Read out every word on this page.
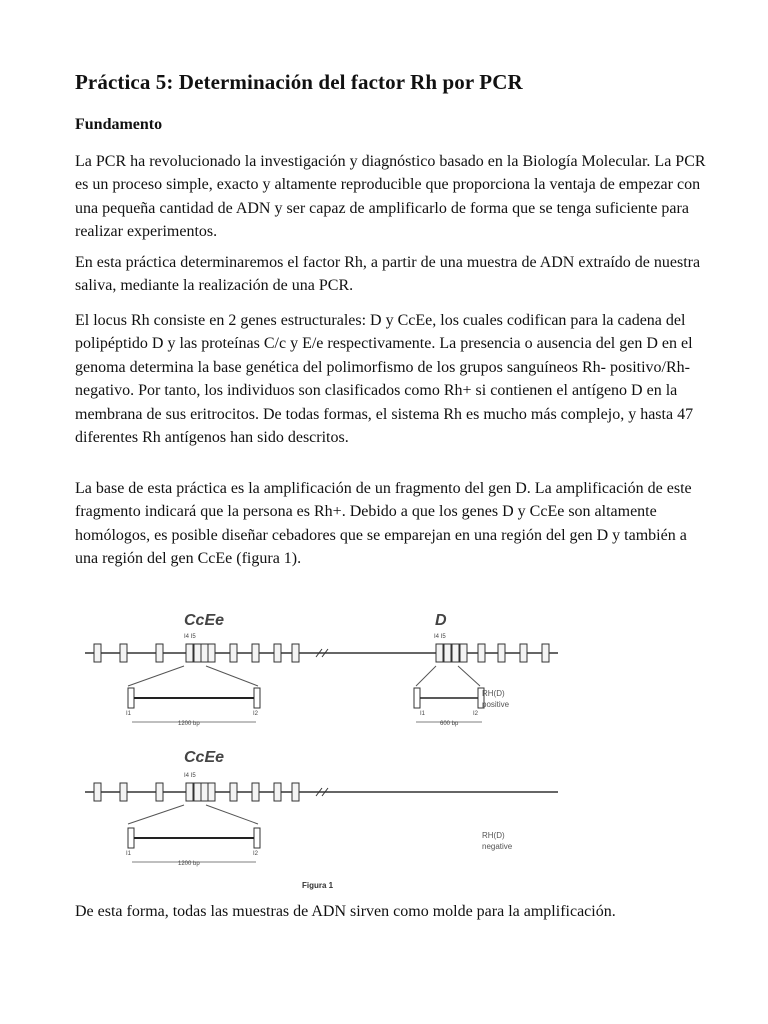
Práctica 5: Determinación del factor Rh por PCR
Fundamento

La PCR ha revolucionado la investigación y diagnóstico basado en la Biología Molecular. La PCR es un proceso simple, exacto y altamente reproducible que proporciona la ventaja de empezar con una pequeña cantidad de ADN y ser capaz de amplificarlo de forma que se tenga suficiente para realizar experimentos.

En esta práctica determinaremos el factor Rh, a partir de una muestra de ADN extraído de nuestra saliva, mediante la realización de una PCR.

El locus Rh consiste en 2 genes estructurales: D y CcEe, los cuales codifican para la cadena del polipéptido D y las proteínas C/c y E/e respectivamente. La presencia o ausencia del gen D en el genoma determina la base genética del polimorfismo de los grupos sanguíneos Rh- positivo/Rh-negativo. Por tanto, los individuos son clasificados como Rh+ si contienen el antígeno D en la membrana de sus eritrocitos. De todas formas, el sistema Rh es mucho más complejo, y hasta 47 diferentes Rh antígenos han sido descritos.

La base de esta práctica es la amplificación de un fragmento del gen D. La amplificación de este fragmento indicará que la persona es Rh+. Debido a que los genes D y CcEe son altamente homólogos, es posible diseñar cebadores que se emparejan en una región del gen D y también a una región del gen CcEe (figura 1).

CcEe
I4 I5
D
I4 I5
I1	I2
1200 bp
I1	I2
600 bp
RH(D)
positive
CcEe
I4 I5
I1	I2
1200 bp
RH(D)
negative
Figura 1

De esta forma, todas las muestras de ADN sirven como molde para la amplificación.
